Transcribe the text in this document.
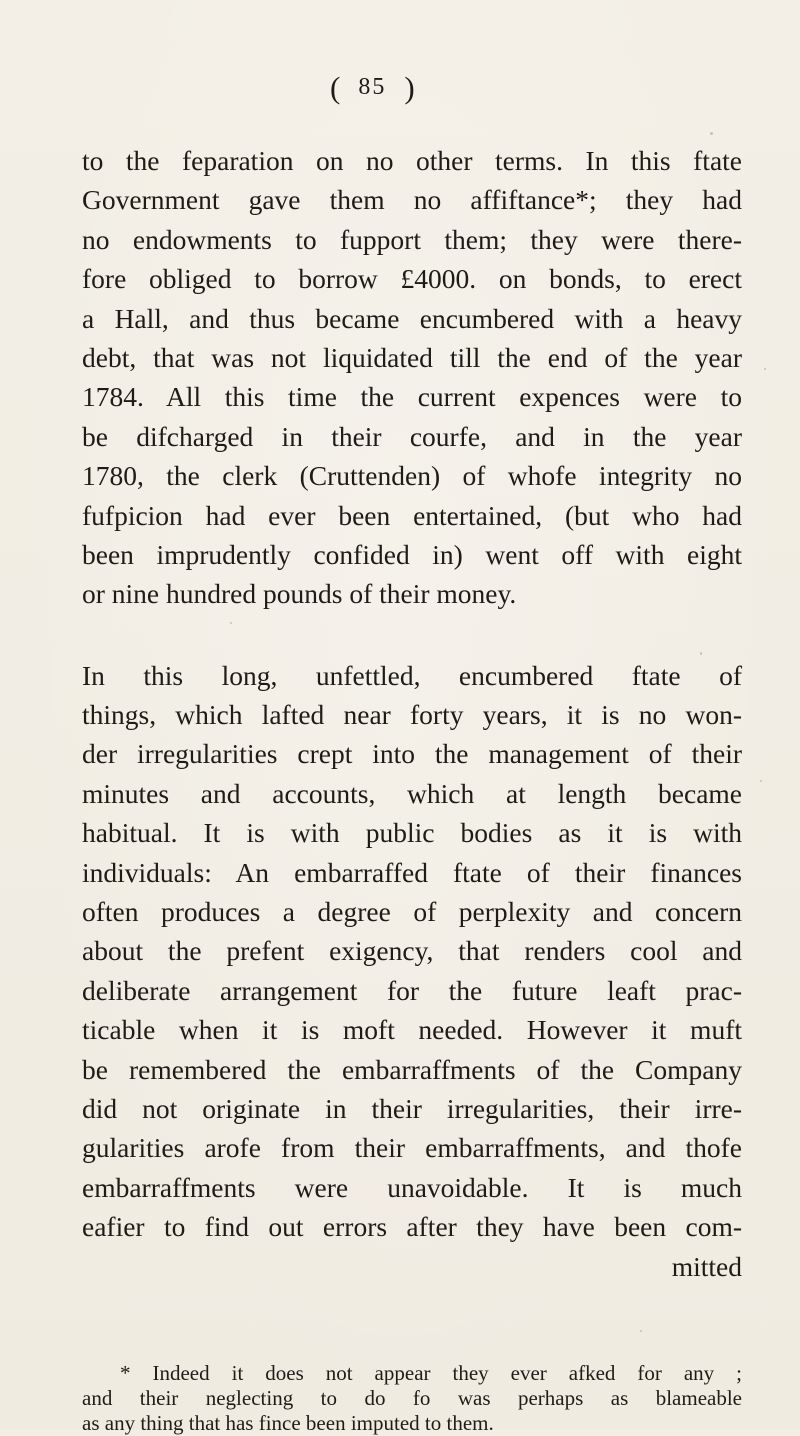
( 85 )
to the feparation on no other terms. In this ftate
Government gave them no affiftance*; they had
no endowments to fupport them; they were there-
fore obliged to borrow £4000. on bonds, to erect
a Hall, and thus became encumbered with a heavy
debt, that was not liquidated till the end of the year
1784. All this time the current expences were to
be difcharged in their courfe, and in the year
1780, the clerk (Cruttenden) of whofe integrity no
fufpicion had ever been entertained, (but who had
been imprudently confided in) went off with eight
or nine hundred pounds of their money.
In this long, unfettled, encumbered ftate of
things, which lafted near forty years, it is no won-
der irregularities crept into the management of their
minutes and accounts, which at length became
habitual. It is with public bodies as it is with
individuals: An embarraffed ftate of their finances
often produces a degree of perplexity and concern
about the prefent exigency, that renders cool and
deliberate arrangement for the future leaft prac-
ticable when it is moft needed. However it muft
be remembered the embarraffments of the Company
did not originate in their irregularities, their irre-
gularities arofe from their embarraffments, and thofe
embarraffments were unavoidable. It is much
eafier to find out errors after they have been com-
mitted
* Indeed it does not appear they ever afked for any ;
and their neglecting to do fo was perhaps as blameable
as any thing that has fince been imputed to them.
